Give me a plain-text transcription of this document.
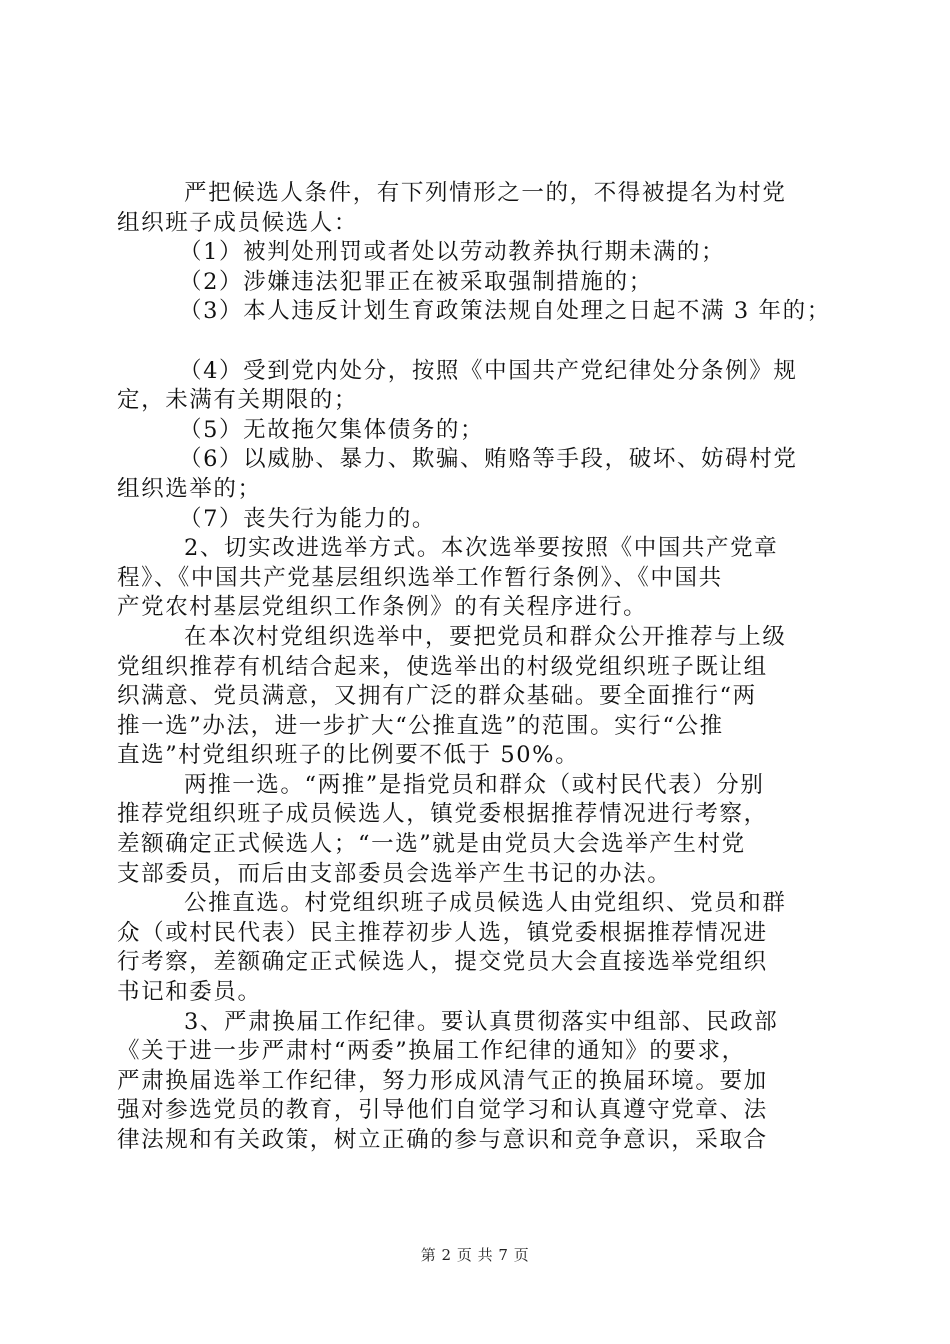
严把候选人条件，有下列情形之一的，不得被提名为村党
组织班子成员候选人：
（1）被判处刑罚或者处以劳动教养执行期未满的；
（2）涉嫌违法犯罪正在被采取强制措施的；
（3）本人违反计划生育政策法规自处理之日起不满 3 年的；
（4）受到党内处分，按照《中国共产党纪律处分条例》规
定，未满有关期限的；
（5）无故拖欠集体债务的；
（6）以威胁、暴力、欺骗、贿赂等手段，破坏、妨碍村党
组织选举的；
（7）丧失行为能力的。
2、切实改进选举方式。本次选举要按照《中国共产党章
程》、《中国共产党基层组织选举工作暂行条例》、《中国共
产党农村基层党组织工作条例》的有关程序进行。
在本次村党组织选举中，要把党员和群众公开推荐与上级
党组织推荐有机结合起来，使选举出的村级党组织班子既让组
织满意、党员满意，又拥有广泛的群众基础。要全面推行“两
推一选”办法，进一步扩大“公推直选”的范围。实行“公推
直选”村党组织班子的比例要不低于 50%。
两推一选。“两推”是指党员和群众（或村民代表）分别
推荐党组织班子成员候选人，镇党委根据推荐情况进行考察，
差额确定正式候选人；“一选”就是由党员大会选举产生村党
支部委员，而后由支部委员会选举产生书记的办法。
公推直选。村党组织班子成员候选人由党组织、党员和群
众（或村民代表）民主推荐初步人选，镇党委根据推荐情况进
行考察，差额确定正式候选人，提交党员大会直接选举党组织
书记和委员。
3、严肃换届工作纪律。要认真贯彻落实中组部、民政部
《关于进一步严肃村“两委”换届工作纪律的通知》的要求，
严肃换届选举工作纪律，努力形成风清气正的换届环境。要加
强对参选党员的教育，引导他们自觉学习和认真遵守党章、法
律法规和有关政策，树立正确的参与意识和竞争意识，采取合
第 2 页 共 7 页
